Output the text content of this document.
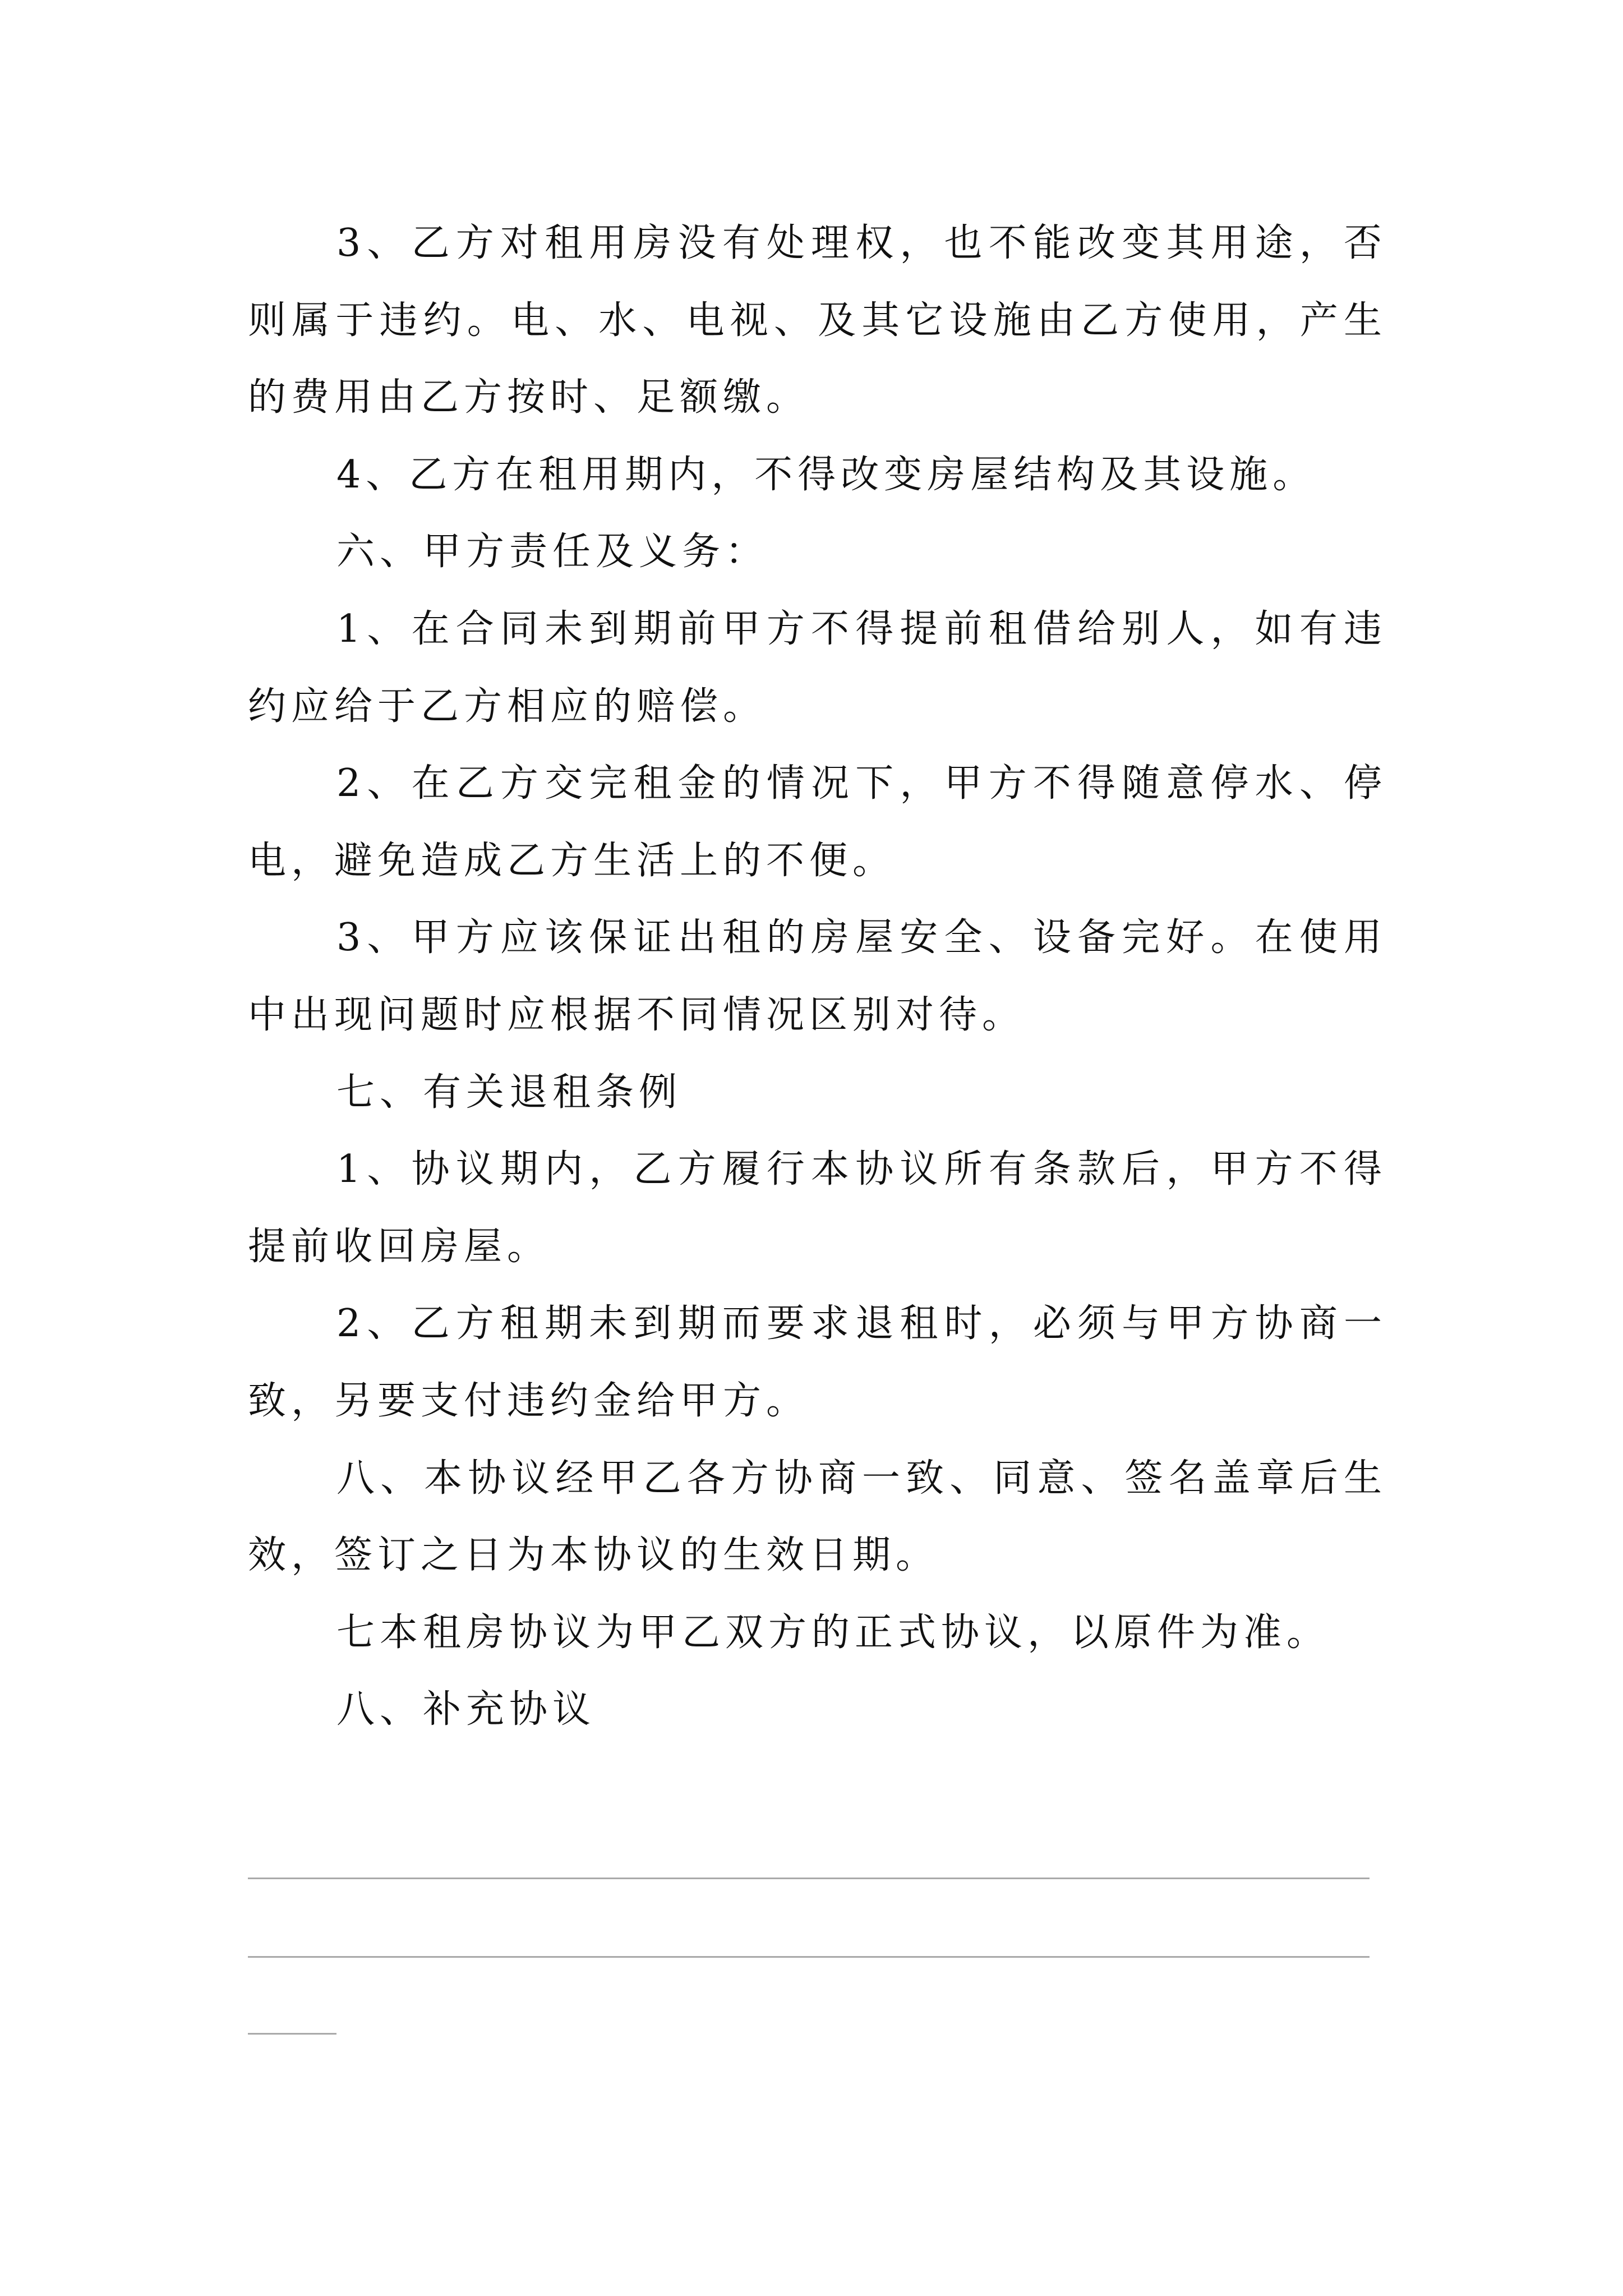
3、乙方对租用房没有处理权，也不能改变其用途，否
则属于违约。电、水、电视、及其它设施由乙方使用，产生
的费用由乙方按时、足额缴。
4、乙方在租用期内，不得改变房屋结构及其设施。
六、甲方责任及义务：
1、在合同未到期前甲方不得提前租借给别人，如有违
约应给于乙方相应的赔偿。
2、在乙方交完租金的情况下，甲方不得随意停水、停
电，避免造成乙方生活上的不便。
3、甲方应该保证出租的房屋安全、设备完好。在使用
中出现问题时应根据不同情况区别对待。
七、有关退租条例
1、协议期内，乙方履行本协议所有条款后，甲方不得
提前收回房屋。
2、乙方租期未到期而要求退租时，必须与甲方协商一
致，另要支付违约金给甲方。
八、本协议经甲乙各方协商一致、同意、签名盖章后生
效，签订之日为本协议的生效日期。
七本租房协议为甲乙双方的正式协议，以原件为准。
八、补充协议
